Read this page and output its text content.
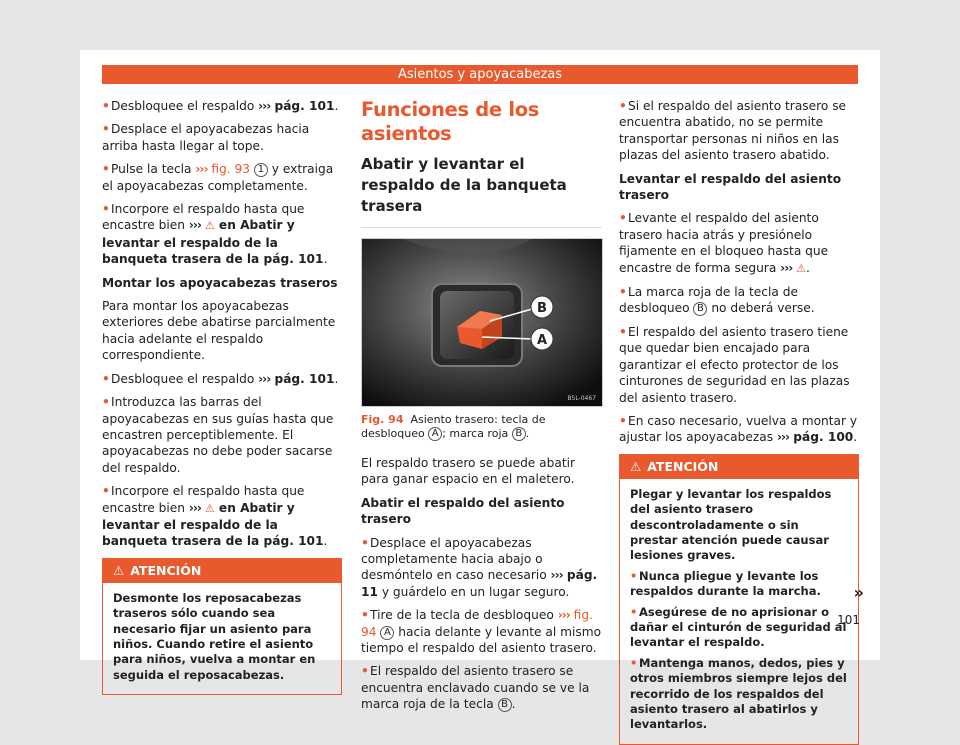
Asientos y apoyacabezas

•Desbloquee el respaldo ››› pág. 101.

•Desplace el apoyacabezas hacia arriba hasta llegar al tope.

•Pulse la tecla ››› fig. 93 1 y extraiga el apoyacabezas completamente.

•Incorpore el respaldo hasta que encastre bien ››› ⚠ en Abatir y levantar el respaldo de la banqueta trasera de la pág. 101.

Montar los apoyacabezas traseros

Para montar los apoyacabezas exteriores debe abatirse parcialmente hacia adelante el respaldo correspondiente.

•Desbloquee el respaldo ››› pág. 101.

•Introduzca las barras del apoyacabezas en sus guías hasta que encastren perceptiblemente. El apoyacabezas no debe poder sacarse del respaldo.

•Incorpore el respaldo hasta que encastre bien ››› ⚠ en Abatir y levantar el respaldo de la banqueta trasera de la pág. 101.

⚠ ATENCIÓN

Desmonte los reposacabezas traseros sólo cuando sea necesario fijar un asiento para niños. Cuando retire el asiento para niños, vuelva a montar en seguida el reposacabezas.

Funciones de los asientos
Abatir y levantar el respaldo de la banqueta trasera
B
A
B5L-0467
Fig. 94 Asiento trasero: tecla de desbloqueo A ; marca roja B .

El respaldo trasero se puede abatir para ganar espacio en el maletero.

Abatir el respaldo del asiento trasero

•Desplace el apoyacabezas completamente hacia abajo o desmóntelo en caso necesario ››› pág. 11 y guárdelo en un lugar seguro.

•Tire de la tecla de desbloqueo ››› fig. 94 A hacia delante y levante al mismo tiempo el respaldo del asiento trasero.

•El respaldo del asiento trasero se encuentra enclavado cuando se ve la marca roja de la tecla B .

•Si el respaldo del asiento trasero se encuentra abatido, no se permite transportar personas ni niños en las plazas del asiento trasero abatido.

Levantar el respaldo del asiento trasero

•Levante el respaldo del asiento trasero hacia atrás y presiónelo fijamente en el bloqueo hasta que encastre de forma segura ››› ⚠.

•La marca roja de la tecla de desbloqueo B no deberá verse.

•El respaldo del asiento trasero tiene que quedar bien encajado para garantizar el efecto protector de los cinturones de seguridad en las plazas del asiento trasero.

•En caso necesario, vuelva a montar y ajustar los apoyacabezas ››› pág. 100.

⚠ ATENCIÓN

Plegar y levantar los respaldos del asiento trasero descontroladamente o sin prestar atención puede causar lesiones graves.

• Nunca pliegue y levante los respaldos durante la marcha.

• Asegúrese de no aprisionar o dañar el cinturón de seguridad al levantar el respaldo.

• Mantenga manos, dedos, pies y otros miembros siempre lejos del recorrido de los respaldos del asiento trasero al abatirlos y levantarlos.

»
101
